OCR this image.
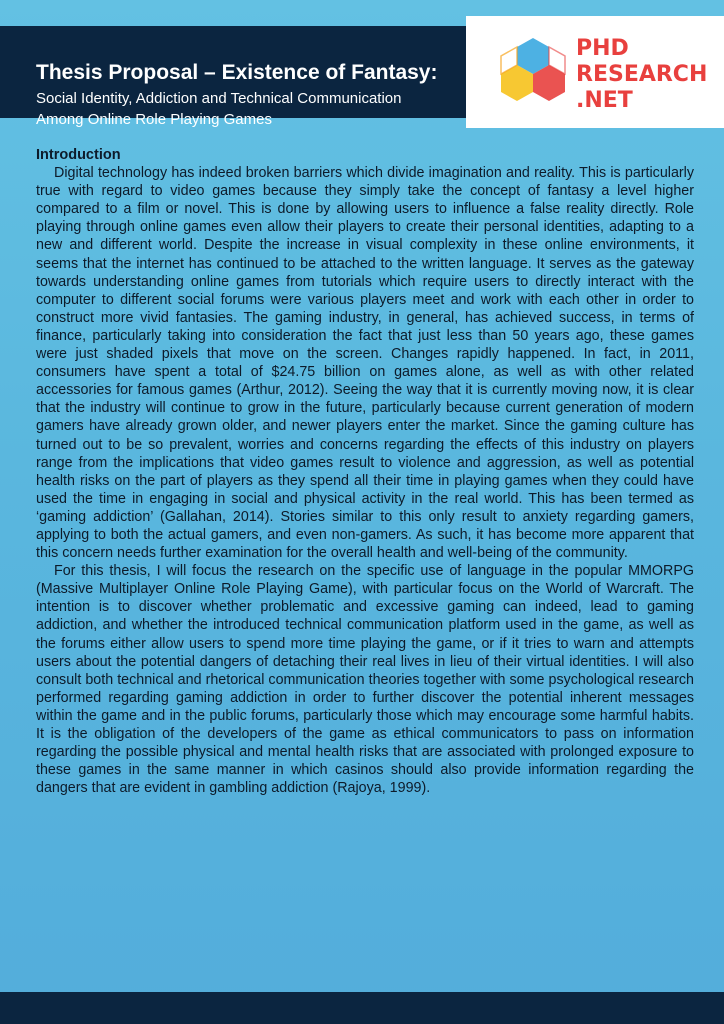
Thesis Proposal – Existence of Fantasy:

Social Identity, Addiction and Technical Communication
Among Online Role Playing Games

PHD
RESEARCH
.NET

Introduction

Digital technology has indeed broken barriers which divide imagination and reality. This is particularly true with regard to video games because they simply take the concept of fantasy a level higher compared to a film or novel. This is done by allowing users to influence a false reality directly. Role playing through online games even allow their players to create their personal identities, adapting to a new and different world. Despite the increase in visual complexity in these online environments, it seems that the internet has continued to be attached to the written language. It serves as the gateway towards understanding online games from tutorials which require users to directly interact with the computer to different social forums were various players meet and work with each other in order to construct more vivid fantasies. The gaming industry, in general, has achieved success, in terms of finance, particularly taking into consideration the fact that just less than 50 years ago, these games were just shaded pixels that move on the screen. Changes rapidly happened. In fact, in 2011, consumers have spent a total of $24.75 billion on games alone, as well as with other related accessories for famous games (Arthur, 2012). Seeing the way that it is currently moving now, it is clear that the industry will continue to grow in the future, particularly because current generation of modern gamers have already grown older, and newer players enter the market. Since the gaming culture has turned out to be so prevalent, worries and concerns regarding the effects of this industry on players range from the implications that video games result to violence and aggression, as well as potential health risks on the part of players as they spend all their time in playing games when they could have used the time in engaging in social and physical activity in the real world. This has been termed as ‘gaming addiction’ (Gallahan, 2014). Stories similar to this only result to anxiety regarding gamers, applying to both the actual gamers, and even non-gamers. As such, it has become more apparent that this concern needs further examination for the overall health and well-being of the community.

For this thesis, I will focus the research on the specific use of language in the popular MMORPG (Massive Multiplayer Online Role Playing Game), with particular focus on the World of Warcraft. The intention is to discover whether problematic and excessive gaming can indeed, lead to gaming addiction, and whether the introduced technical communication platform used in the game, as well as the forums either allow users to spend more time playing the game, or if it tries to warn and attempts users about the potential dangers of detaching their real lives in lieu of their virtual identities. I will also consult both technical and rhetorical communication theories together with some psychological research performed regarding gaming addiction in order to further discover the potential inherent messages within the game and in the public forums, particularly those which may encourage some harmful habits. It is the obligation of the developers of the game as ethical communicators to pass on information regarding the possible physical and mental health risks that are associated with prolonged exposure to these games in the same manner in which casinos should also provide information regarding the dangers that are evident in gambling addiction (Rajoya, 1999).
